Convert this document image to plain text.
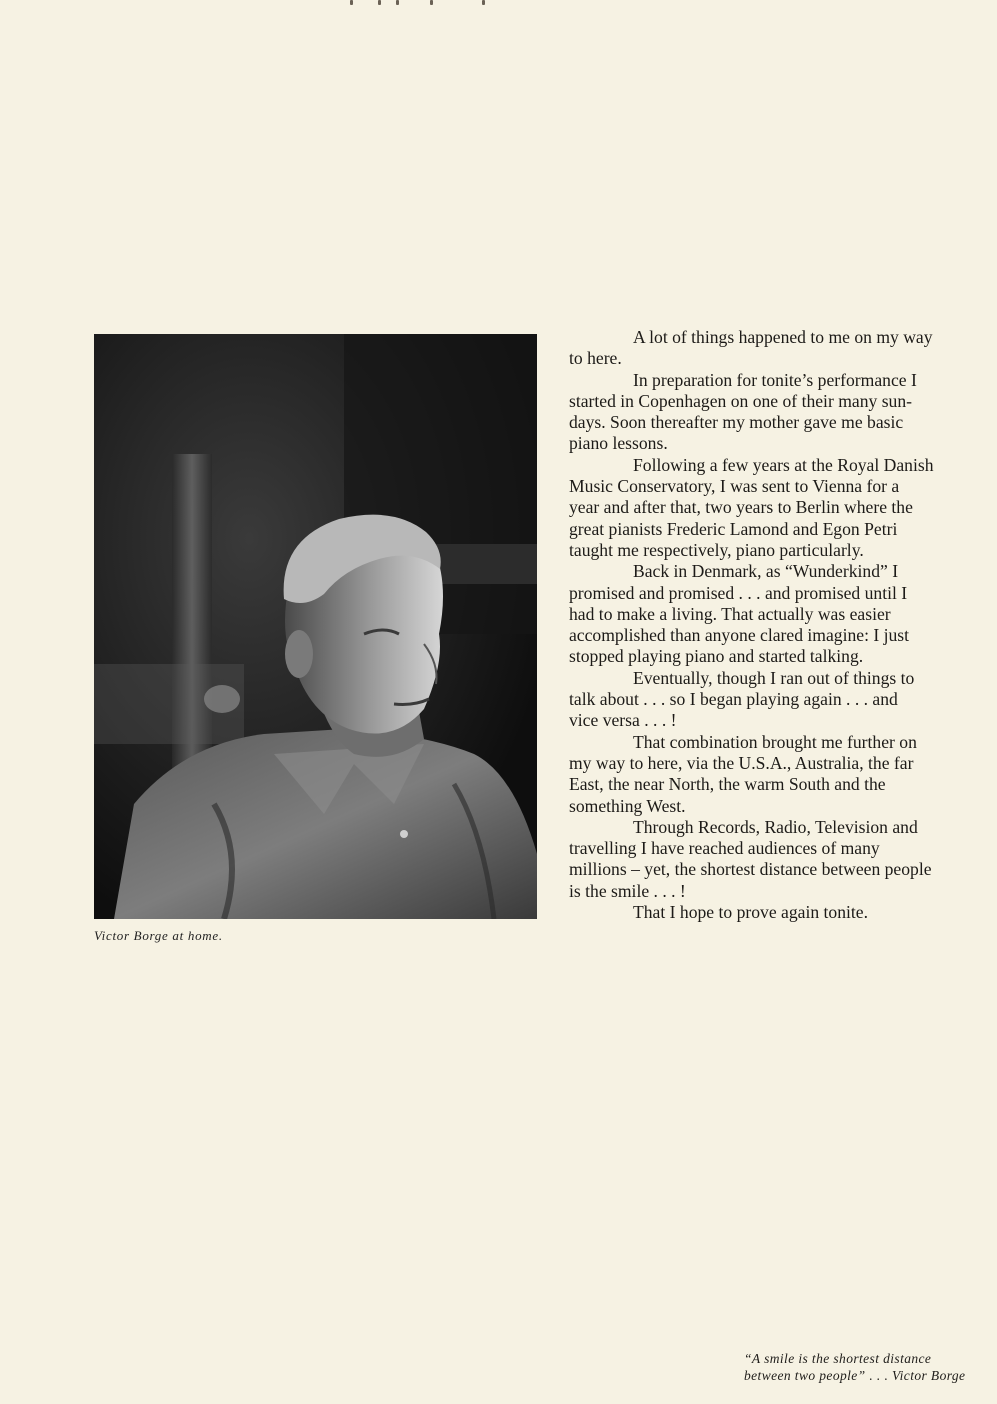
Victor Borge at home.

A lot of things happened to me on my way
to here.

In preparation for tonite’s performance I
started in Copenhagen on one of their many sun-
days. Soon thereafter my mother gave me basic
piano lessons.

Following a few years at the Royal Danish
Music Conservatory, I was sent to Vienna for a
year and after that, two years to Berlin where the
great pianists Frederic Lamond and Egon Petri
taught me respectively, piano particularly.

Back in Denmark, as “Wunderkind” I
promised and promised . . . and promised until I
had to make a living. That actually was easier
accomplished than anyone clared imagine: I just
stopped playing piano and started talking.

Eventually, though I ran out of things to
talk about . . . so I began playing again . . . and
vice versa . . . !

That combination brought me further on
my way to here, via the U.S.A., Australia, the far
East, the near North, the warm South and the
something West.

Through Records, Radio, Television and
travelling I have reached audiences of many
millions – yet, the shortest distance between people
is the smile . . . !

That I hope to prove again tonite.

“A smile is the shortest distance
between two people” . . . Victor Borge
